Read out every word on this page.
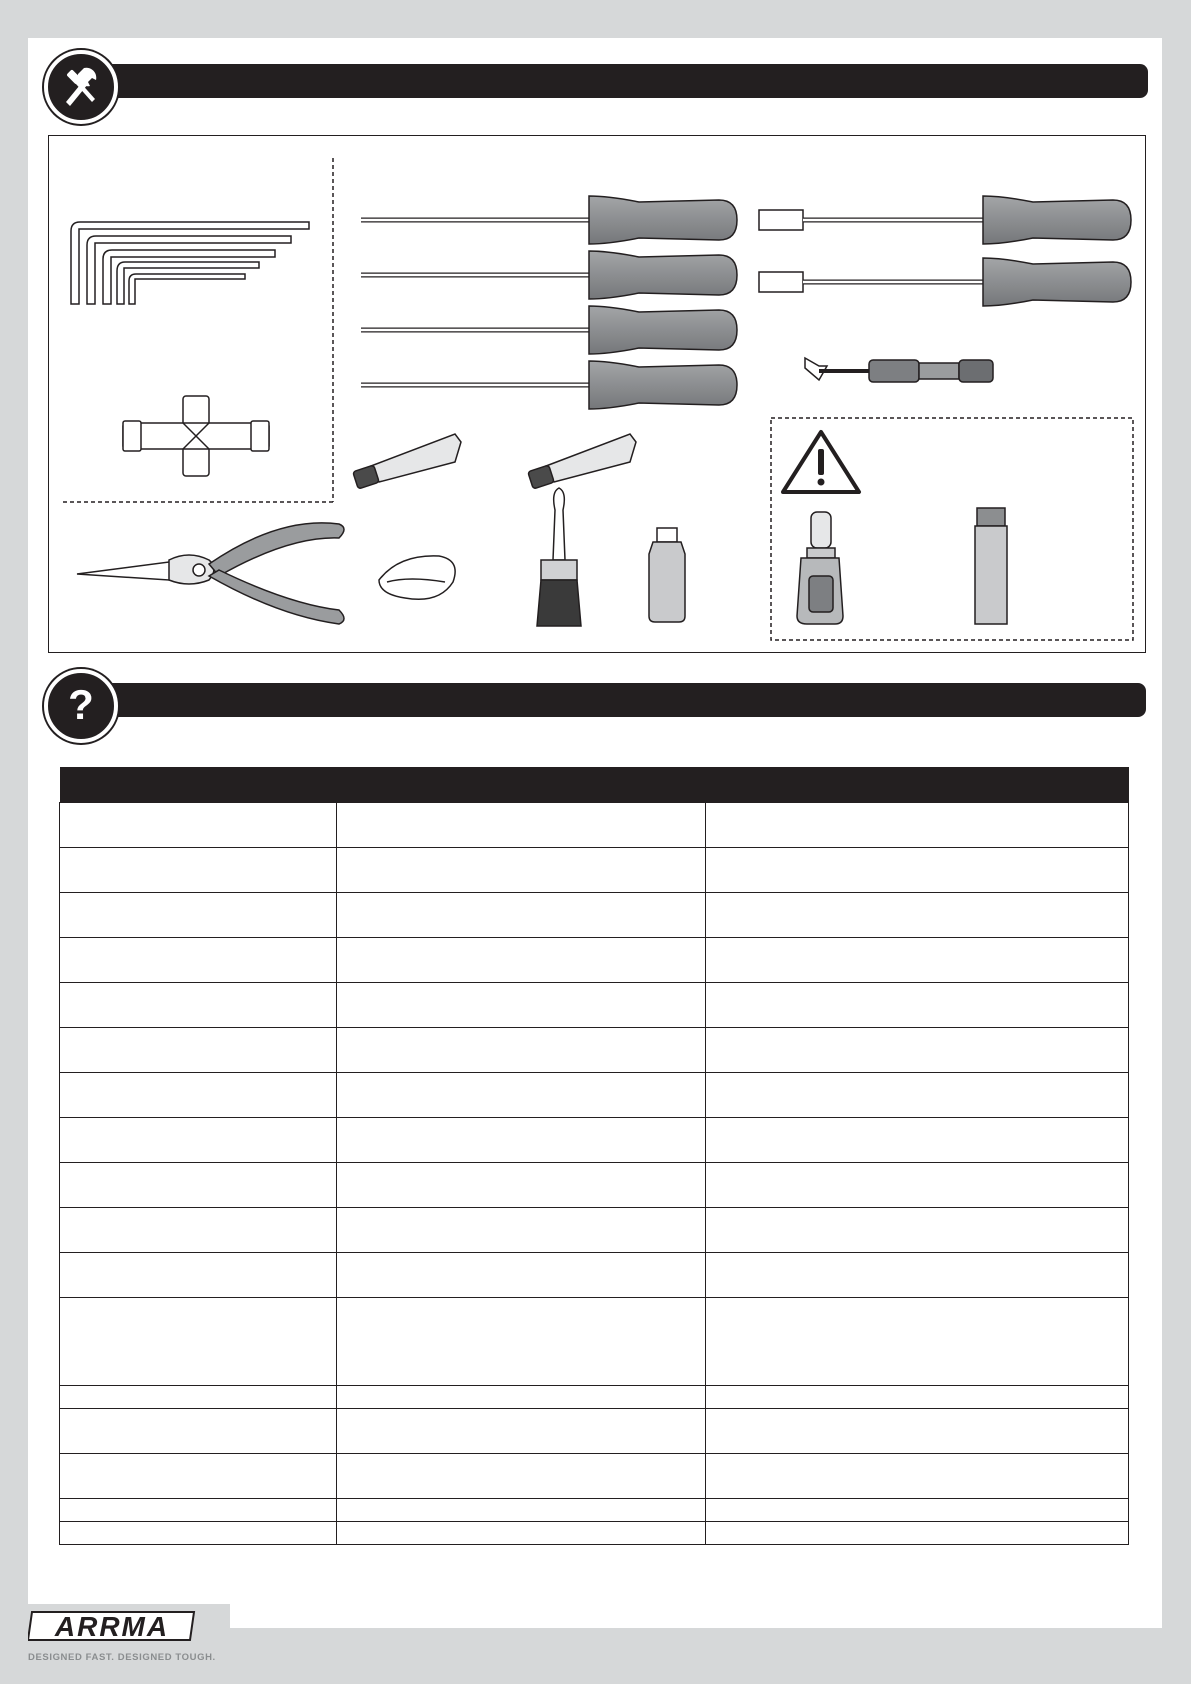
?

ARRMA
DESIGNED FAST. DESIGNED TOUGH.
